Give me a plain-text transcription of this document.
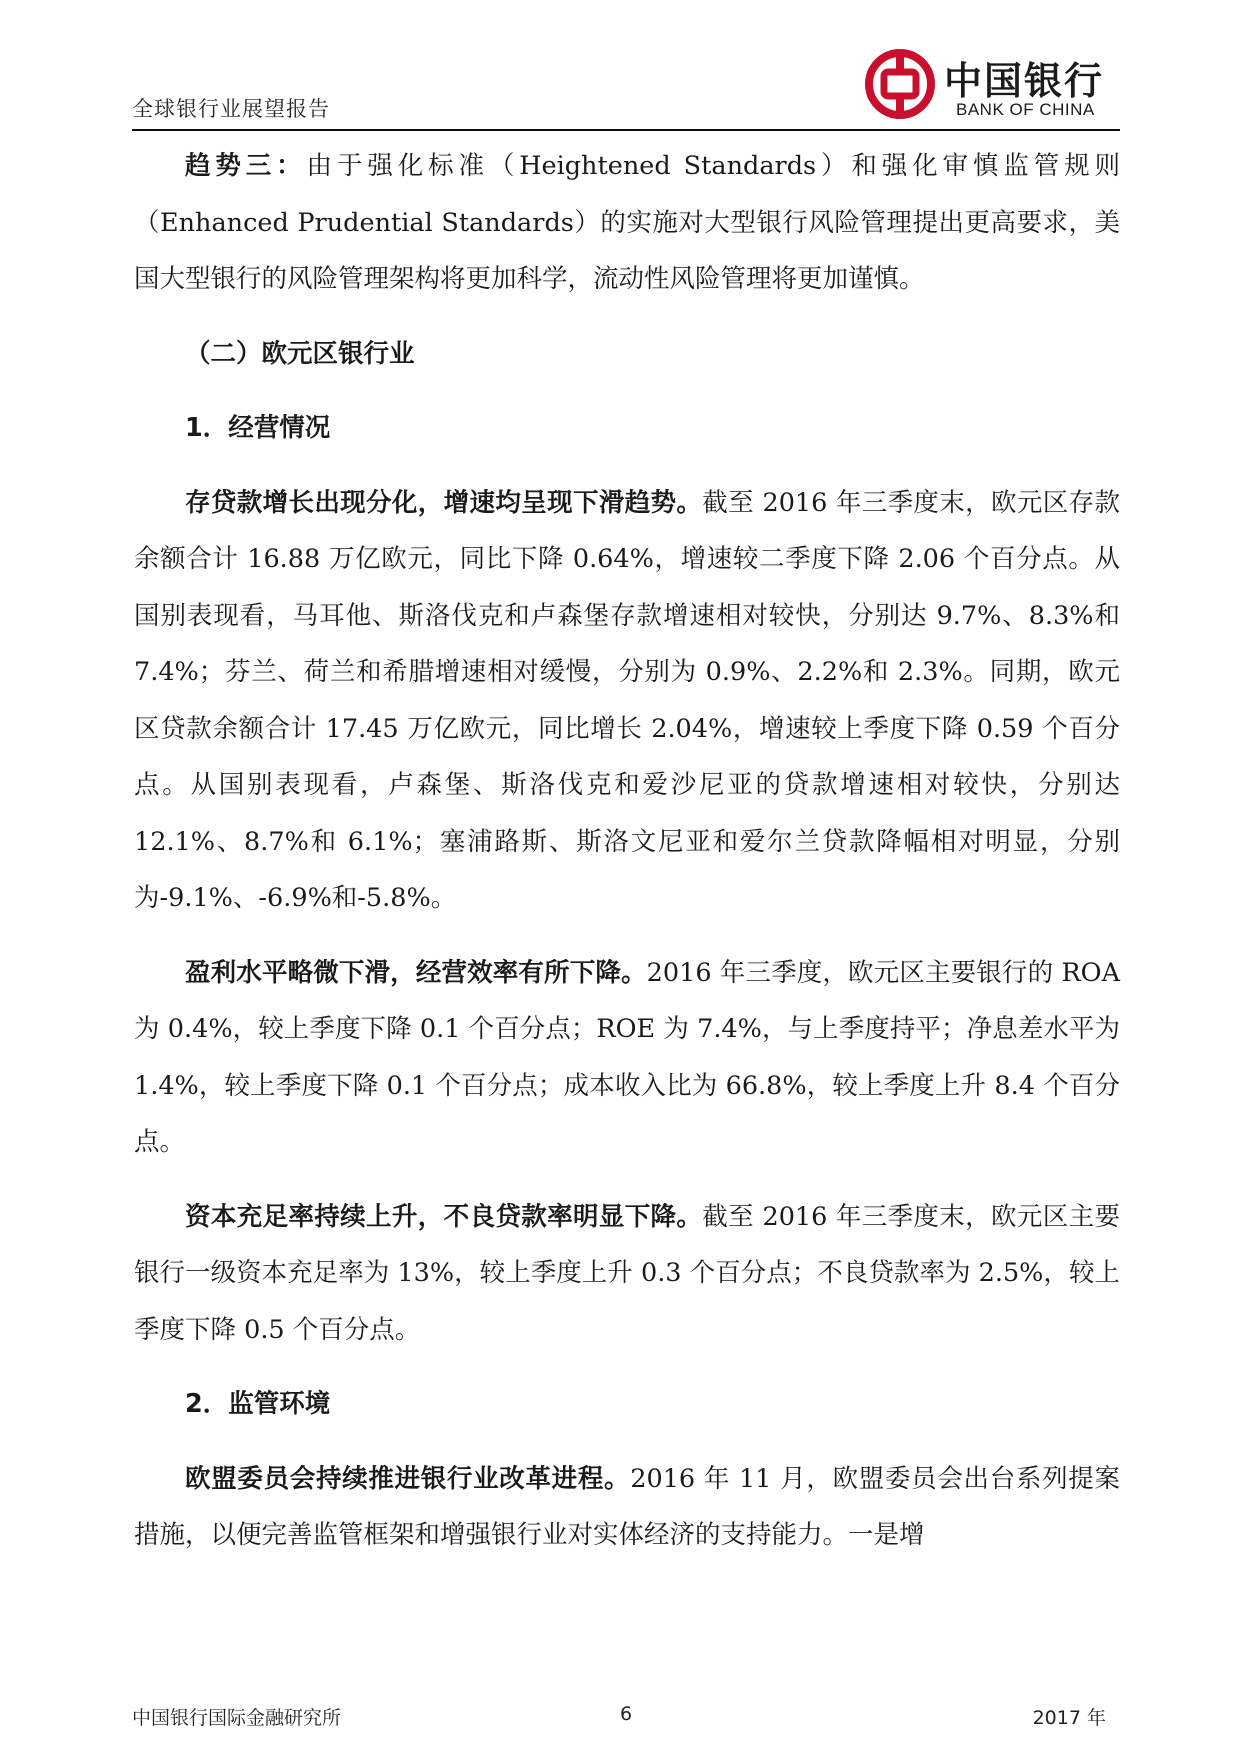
全球银行业展望报告
中国银行
BANK OF CHINA

趋势三：由于强化标准（Heightened Standards）和强化审慎监管规则（Enhanced Prudential Standards）的实施对大型银行风险管理提出更高要求，美国大型银行的风险管理架构将更加科学，流动性风险管理将更加谨慎。

（二）欧元区银行业
1．经营情况

存贷款增长出现分化，增速均呈现下滑趋势。截至 2016 年三季度末，欧元区存款余额合计 16.88 万亿欧元，同比下降 0.64%，增速较二季度下降 2.06 个百分点。从国别表现看，马耳他、斯洛伐克和卢森堡存款增速相对较快，分别达 9.7%、8.3%和 7.4%；芬兰、荷兰和希腊增速相对缓慢，分别为 0.9%、2.2%和 2.3%。同期，欧元区贷款余额合计 17.45 万亿欧元，同比增长 2.04%，增速较上季度下降 0.59 个百分点。从国别表现看，卢森堡、斯洛伐克和爱沙尼亚的贷款增速相对较快，分别达 12.1%、8.7%和 6.1%；塞浦路斯、斯洛文尼亚和爱尔兰贷款降幅相对明显，分别为-9.1%、-6.9%和-5.8%。

盈利水平略微下滑，经营效率有所下降。2016 年三季度，欧元区主要银行的 ROA 为 0.4%，较上季度下降 0.1 个百分点；ROE 为 7.4%，与上季度持平；净息差水平为 1.4%，较上季度下降 0.1 个百分点；成本收入比为 66.8%，较上季度上升 8.4 个百分点。

资本充足率持续上升，不良贷款率明显下降。截至 2016 年三季度末，欧元区主要银行一级资本充足率为 13%，较上季度上升 0.3 个百分点；不良贷款率为 2.5%，较上季度下降 0.5 个百分点。

2．监管环境

欧盟委员会持续推进银行业改革进程。2016 年 11 月，欧盟委员会出台系列提案措施，以便完善监管框架和增强银行业对实体经济的支持能力。一是增

中国银行国际金融研究所	6	2017 年
